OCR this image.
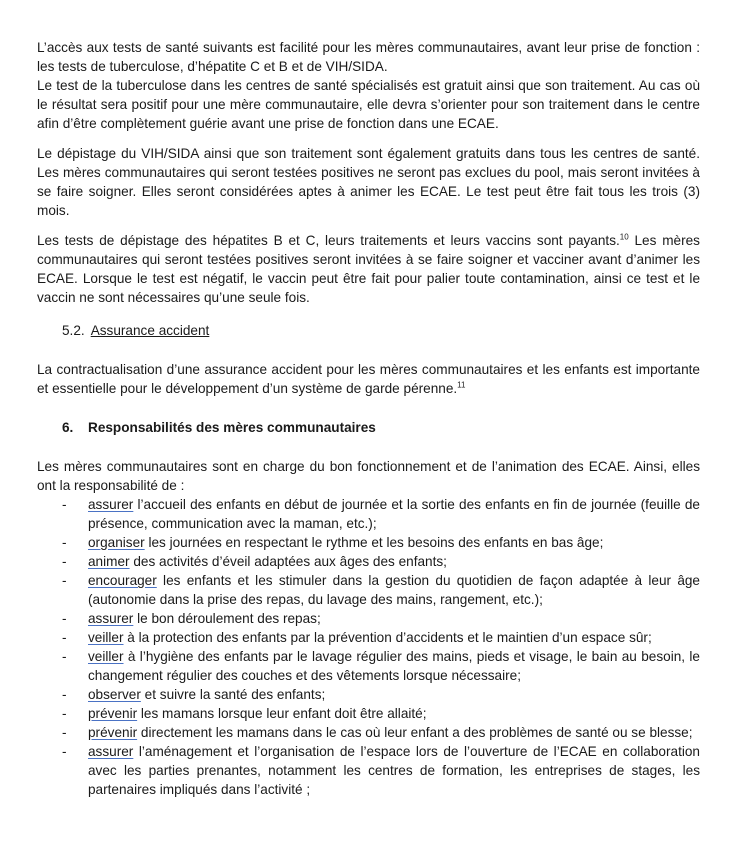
L’accès aux tests de santé suivants est facilité pour les mères communautaires, avant leur prise de fonction : les tests de tuberculose, d’hépatite C et B et de VIH/SIDA.

Le test de la tuberculose dans les centres de santé spécialisés est gratuit ainsi que son traitement. Au cas où le résultat sera positif pour une mère communautaire, elle devra s’orienter pour son traitement dans le centre afin d’être complètement guérie avant une prise de fonction dans une ECAE.

Le dépistage du VIH/SIDA ainsi que son traitement sont également gratuits dans tous les centres de santé. Les mères communautaires qui seront testées positives ne seront pas exclues du pool, mais seront invitées à se faire soigner. Elles seront considérées aptes à animer les ECAE. Le test peut être fait tous les trois (3) mois.

Les tests de dépistage des hépatites B et C, leurs traitements et leurs vaccins sont payants.$^{10}$ Les mères communautaires qui seront testées positives seront invitées à se faire soigner et vacciner avant d’animer les ECAE. Lorsque le test est négatif, le vaccin peut être fait pour palier toute contamination, ainsi ce test et le vaccin ne sont nécessaires qu’une seule fois.

5.2. Assurance accident

La contractualisation d’une assurance accident pour les mères communautaires et les enfants est importante et essentielle pour le développement d’un système de garde pérenne.$^{11}$

6. Responsabilités des mères communautaires

Les mères communautaires sont en charge du bon fonctionnement et de l’animation des ECAE. Ainsi, elles ont la responsabilité de :

- assurer l’accueil des enfants en début de journée et la sortie des enfants en fin de journée (feuille de présence, communication avec la maman, etc.);
- organiser les journées en respectant le rythme et les besoins des enfants en bas âge;
- animer des activités d’éveil adaptées aux âges des enfants;
- encourager les enfants et les stimuler dans la gestion du quotidien de façon adaptée à leur âge (autonomie dans la prise des repas, du lavage des mains, rangement, etc.);
- assurer le bon déroulement des repas;
- veiller à la protection des enfants par la prévention d’accidents et le maintien d’un espace sûr;
- veiller à l’hygiène des enfants par le lavage régulier des mains, pieds et visage, le bain au besoin, le changement régulier des couches et des vêtements lorsque nécessaire;
- observer et suivre la santé des enfants;
- prévenir les mamans lorsque leur enfant doit être allaité;
- prévenir directement les mamans dans le cas où leur enfant a des problèmes de santé ou se blesse;
- assurer l’aménagement et l’organisation de l’espace lors de l’ouverture de l’ECAE en collaboration avec les parties prenantes, notamment les centres de formation, les entreprises de stages, les partenaires impliqués dans l’activité ;
